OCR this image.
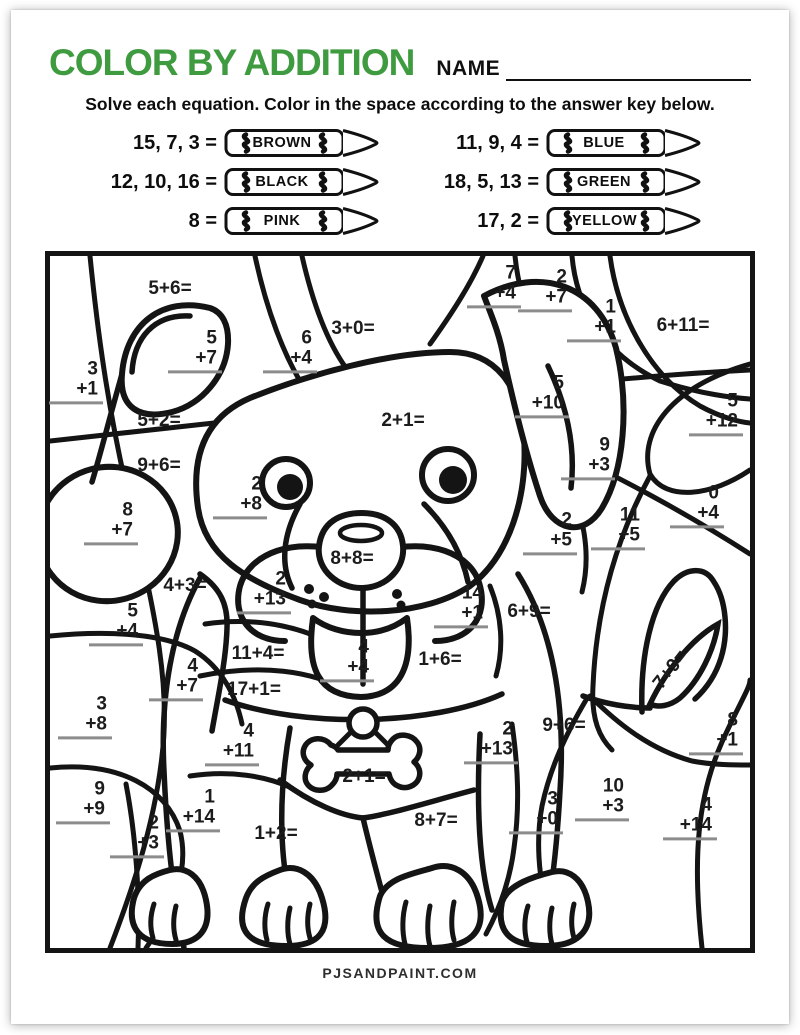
COLOR BY ADDITION NAME

Solve each equation. Color in the space according to the answer key below.

15, 7, 3 = BROWN
12, 10, 16 =	BLACK
8 =	PINK
11, 9, 4 =	BLUE
18, 5, 13 =	GREEN
17, 2 = YELLOW
5+6=
7
+4
2
+7	1
+1 6+11=
3+0=
5
+7
6
+4
3
+1	5
+10	5
+12
5+2=	2+1=
9
+3
9+6=
2
+8
0
+4
8
+7
11
+5
2
+5
8+8=
4+3=	2
+13	14
+1 6+9=
5
+4
11+4=	4
+4	1+6=	7+9=
4
+7 17+1=
3
+8	9+6=	8
+1
2
+13
4
+11
2+1=	10
+3
9
+9
1
+14
3
+0
4
+14
8+7=
1+2=
2
+3
PJSANDPAINT.COM
